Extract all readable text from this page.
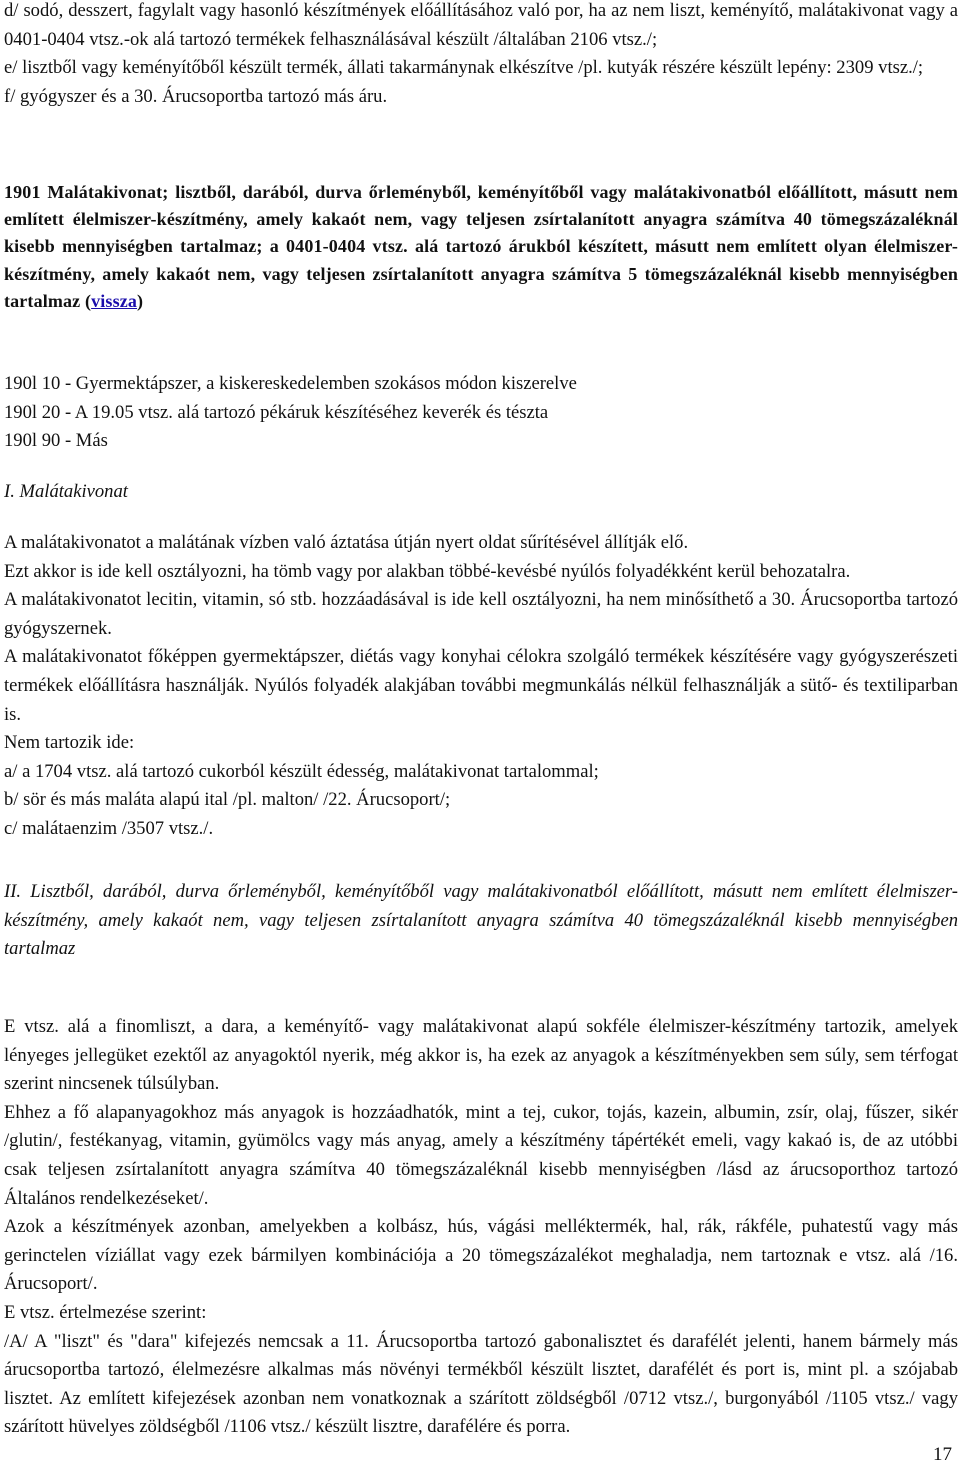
d/ sodó, desszert, fagylalt vagy hasonló készítmények előállításához való por, ha az nem liszt, keményítő, malátakivonat vagy a 0401-0404 vtsz.-ok alá tartozó termékek felhasználásával készült /általában 2106 vtsz./;

e/ lisztből vagy keményítőből készült termék, állati takarmánynak elkészítve /pl. kutyák részére készült lepény: 2309 vtsz./;

f/ gyógyszer és a 30. Árucsoportba tartozó más áru.

1901 Malátakivonat; lisztből, darából, durva őrleményből, keményítőből vagy malátakivonatból előállított, másutt nem említett élelmiszer-készítmény, amely kakaót nem, vagy teljesen zsírtalanított anyagra számítva 40 tömegszázaléknál kisebb mennyiségben tartalmaz; a 0401-0404 vtsz. alá tartozó árukból készített, másutt nem említett olyan élelmiszer-készítmény, amely kakaót nem, vagy teljesen zsírtalanított anyagra számítva 5 tömegszázaléknál kisebb mennyiségben tartalmaz (vissza)

190l 10 - Gyermektápszer, a kiskereskedelemben szokásos módon kiszerelve

190l 20 - A 19.05 vtsz. alá tartozó pékáruk készítéséhez keverék és tészta

190l 90 - Más

I. Malátakivonat

A malátakivonatot a malátának vízben való áztatása útján nyert oldat sűrítésével állítják elő.

Ezt akkor is ide kell osztályozni, ha tömb vagy por alakban többé-kevésbé nyúlós folyadékként kerül behozatalra.

A malátakivonatot lecitin, vitamin, só stb. hozzáadásával is ide kell osztályozni, ha nem minősíthető a 30. Árucsoportba tartozó gyógyszernek.

A malátakivonatot főképpen gyermektápszer, diétás vagy konyhai célokra szolgáló termékek készítésére vagy gyógyszerészeti termékek előállításra használják. Nyúlós folyadék alakjában további megmunkálás nélkül felhasználják a sütő- és textiliparban is.

Nem tartozik ide:

a/ a 1704 vtsz. alá tartozó cukorból készült édesség, malátakivonat tartalommal;

b/ sör és más maláta alapú ital /pl. malton/ /22. Árucsoport/;

c/ malátaenzim /3507 vtsz./.

II. Lisztből, darából, durva őrleményből, keményítőből vagy malátakivonatból előállított, másutt nem említett élelmiszer-készítmény, amely kakaót nem, vagy teljesen zsírtalanított anyagra számítva 40 tömegszázaléknál kisebb mennyiségben tartalmaz

E vtsz. alá a finomliszt, a dara, a keményítő- vagy malátakivonat alapú sokféle élelmiszer-készítmény tartozik, amelyek lényeges jellegüket ezektől az anyagoktól nyerik, még akkor is, ha ezek az anyagok a készítményekben sem súly, sem térfogat szerint nincsenek túlsúlyban.

Ehhez a fő alapanyagokhoz más anyagok is hozzáadhatók, mint a tej, cukor, tojás, kazein, albumin, zsír, olaj, fűszer, sikér /glutin/, festékanyag, vitamin, gyümölcs vagy más anyag, amely a készítmény tápértékét emeli, vagy kakaó is, de az utóbbi csak teljesen zsírtalanított anyagra számítva 40 tömegszázaléknál kisebb mennyiségben /lásd az árucsoporthoz tartozó Általános rendelkezéseket/.

Azok a készítmények azonban, amelyekben a kolbász, hús, vágási melléktermék, hal, rák, rákféle, puhatestű vagy más gerinctelen víziállat vagy ezek bármilyen kombinációja a 20 tömegszázalékot meghaladja, nem tartoznak e vtsz. alá /16. Árucsoport/.

E vtsz. értelmezése szerint:

/A/ A "liszt" és "dara" kifejezés nemcsak a 11. Árucsoportba tartozó gabonalisztet és darafélét jelenti, hanem bármely más árucsoportba tartozó, élelmezésre alkalmas más növényi termékből készült lisztet, darafélét és port is, mint pl. a szójabab lisztet. Az említett kifejezések azonban nem vonatkoznak a szárított zöldségből /0712 vtsz./, burgonyából /1105 vtsz./ vagy szárított hüvelyes zöldségből /1106 vtsz./ készült lisztre, darafélére és porra.

17
